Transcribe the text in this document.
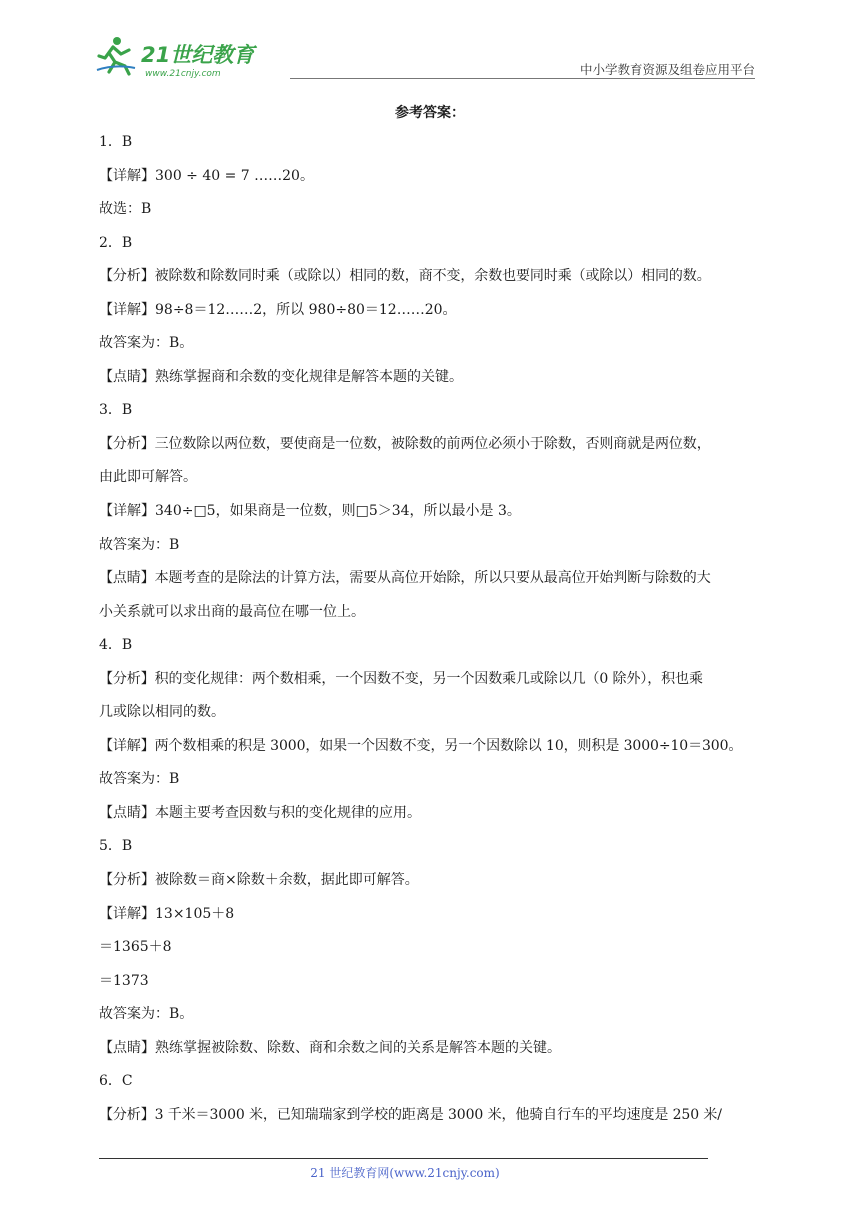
21世纪教育
www.21cnjy.com	中小学教育资源及组卷应用平台
参考答案：
1．B
【详解】300 ÷ 40 = 7 ……20。
故选：B
2．B
【分析】被除数和除数同时乘（或除以）相同的数，商不变，余数也要同时乘（或除以）相同的数。
【详解】98÷8＝12……2，所以 980÷80＝12……20。
故答案为：B。
【点睛】熟练掌握商和余数的变化规律是解答本题的关键。
3．B
【分析】三位数除以两位数，要使商是一位数，被除数的前两位必须小于除数，否则商就是两位数，
由此即可解答。
【详解】340÷□5，如果商是一位数，则□5＞34，所以最小是 3。
故答案为：B
【点睛】本题考查的是除法的计算方法，需要从高位开始除，所以只要从最高位开始判断与除数的大
小关系就可以求出商的最高位在哪一位上。
4．B
【分析】积的变化规律：两个数相乘，一个因数不变，另一个因数乘几或除以几（0 除外），积也乘
几或除以相同的数。
【详解】两个数相乘的积是 3000，如果一个因数不变，另一个因数除以 10，则积是 3000÷10＝300。
故答案为：B
【点睛】本题主要考查因数与积的变化规律的应用。
5．B
【分析】被除数＝商×除数＋余数，据此即可解答。
【详解】13×105＋8
＝1365＋8
＝1373
故答案为：B。
【点睛】熟练掌握被除数、除数、商和余数之间的关系是解答本题的关键。
6．C
【分析】3 千米＝3000 米，已知瑞瑞家到学校的距离是 3000 米，他骑自行车的平均速度是 250 米/
21 世纪教育网(www.21cnjy.com)
